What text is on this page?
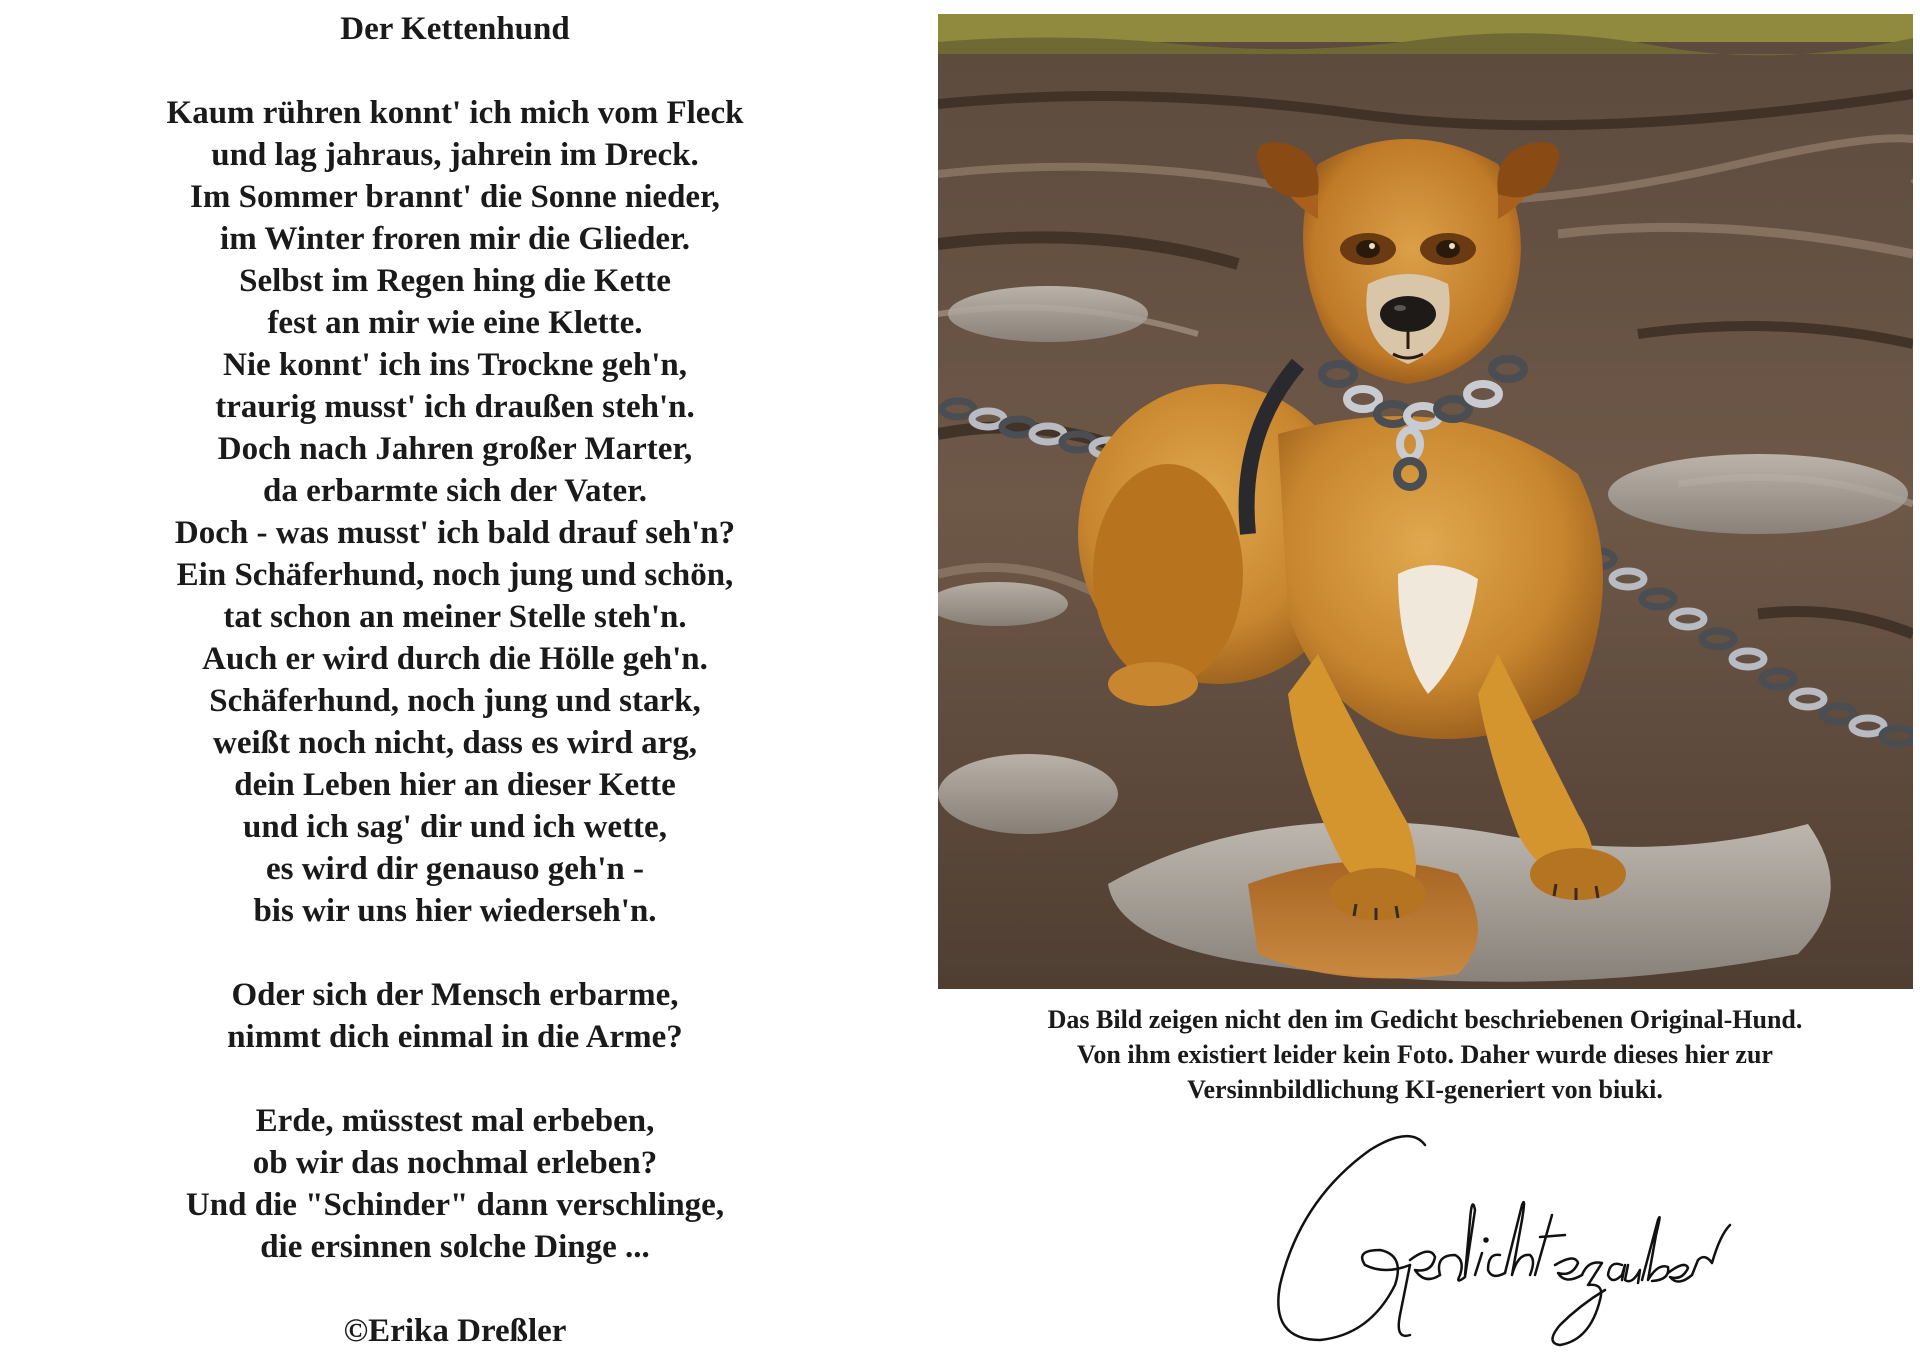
Der Kettenhund
Kaum rühren konnt' ich mich vom Fleck
und lag jahraus, jahrein im Dreck.
Im Sommer brannt' die Sonne nieder,
im Winter froren mir die Glieder.
Selbst im Regen hing die Kette
fest an mir wie eine Klette.
Nie konnt' ich ins Trockne geh'n,
traurig musst' ich draußen steh'n.
Doch nach Jahren großer Marter,
da erbarmte sich der Vater.
Doch - was musst' ich bald drauf seh'n?
Ein Schäferhund, noch jung und schön,
tat schon an meiner Stelle steh'n.
Auch er wird durch die Hölle geh'n.
Schäferhund, noch jung und stark,
weißt noch nicht, dass es wird arg,
dein Leben hier an dieser Kette
und ich sag' dir und ich wette,
es wird dir genauso geh'n -
bis wir uns hier wiederseh'n.
Oder sich der Mensch erbarme,
nimmt dich einmal in die Arme?
Erde, müsstest mal erbeben,
ob wir das nochmal erleben?
Und die "Schinder" dann verschlinge,
die ersinnen solche Dinge ...

©Erika Dreßler

Das Bild zeigen nicht den im Gedicht beschriebenen Original-Hund.
Von ihm existiert leider kein Foto. Daher wurde dieses hier zur
Versinnbildlichung KI-generiert von biuki.
